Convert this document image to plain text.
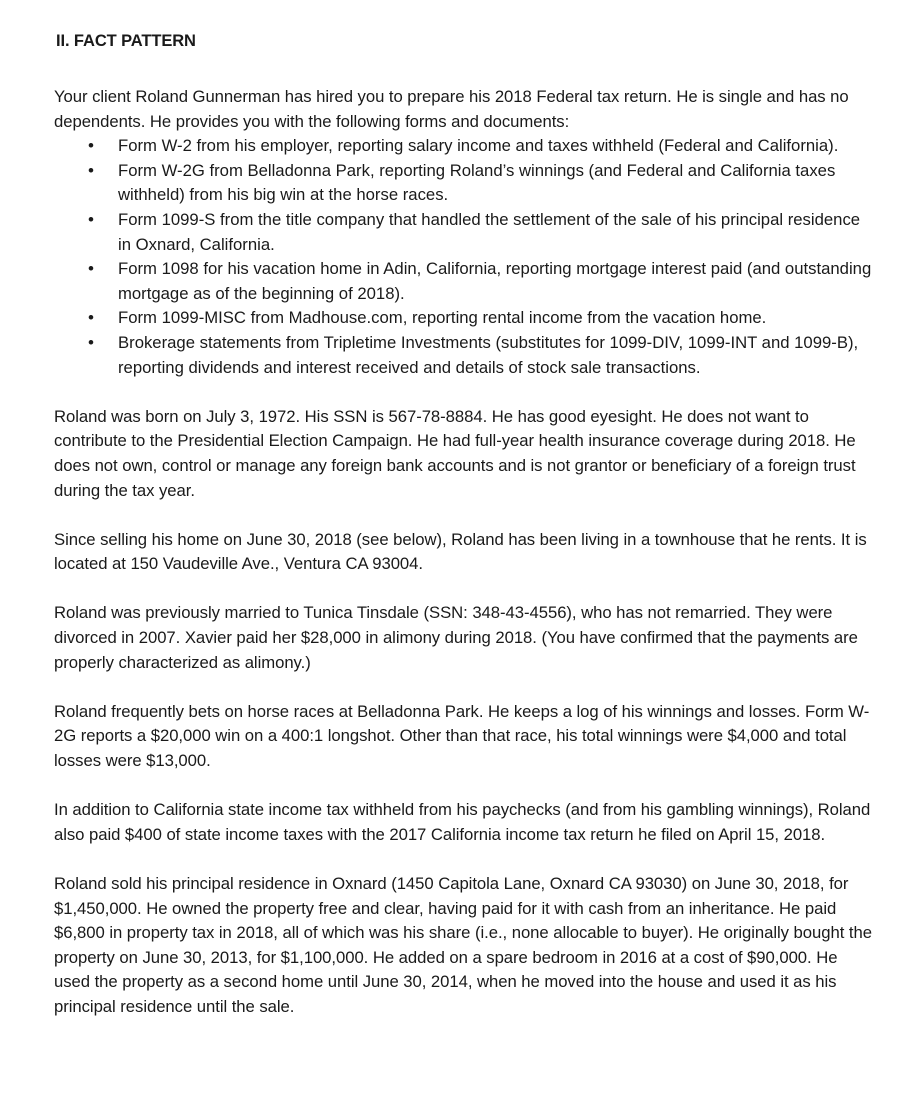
II. FACT PATTERN

Your client Roland Gunnerman has hired you to prepare his 2018 Federal tax return. He is single and has no dependents. He provides you with the following forms and documents:

• Form W-2 from his employer, reporting salary income and taxes withheld (Federal and California).
• Form W-2G from Belladonna Park, reporting Roland’s winnings (and Federal and California taxes withheld) from his big win at the horse races.
• Form 1099-S from the title company that handled the settlement of the sale of his principal residence in Oxnard, California.
• Form 1098 for his vacation home in Adin, California, reporting mortgage interest paid (and outstanding mortgage as of the beginning of 2018).
• Form 1099-MISC from Madhouse.com, reporting rental income from the vacation home.
• Brokerage statements from Tripletime Investments (substitutes for 1099-DIV, 1099-INT and 1099-B), reporting dividends and interest received and details of stock sale transactions.

Roland was born on July 3, 1972. His SSN is 567-78-8884. He has good eyesight. He does not want to contribute to the Presidential Election Campaign. He had full-year health insurance coverage during 2018. He does not own, control or manage any foreign bank accounts and is not grantor or beneficiary of a foreign trust during the tax year.

Since selling his home on June 30, 2018 (see below), Roland has been living in a townhouse that he rents. It is located at 150 Vaudeville Ave., Ventura CA 93004.

Roland was previously married to Tunica Tinsdale (SSN: 348-43-4556), who has not remarried. They were divorced in 2007. Xavier paid her $28,000 in alimony during 2018. (You have confirmed that the payments are properly characterized as alimony.)

Roland frequently bets on horse races at Belladonna Park. He keeps a log of his winnings and losses. Form W-2G reports a $20,000 win on a 400:1 longshot. Other than that race, his total winnings were $4,000 and total losses were $13,000.

In addition to California state income tax withheld from his paychecks (and from his gambling winnings), Roland also paid $400 of state income taxes with the 2017 California income tax return he filed on April 15, 2018.

Roland sold his principal residence in Oxnard (1450 Capitola Lane, Oxnard CA 93030) on June 30, 2018, for $1,450,000. He owned the property free and clear, having paid for it with cash from an inheritance. He paid $6,800 in property tax in 2018, all of which was his share (i.e., none allocable to buyer). He originally bought the property on June 30, 2013, for $1,100,000. He added on a spare bedroom in 2016 at a cost of $90,000. He used the property as a second home until June 30, 2014, when he moved into the house and used it as his principal residence until the sale.
